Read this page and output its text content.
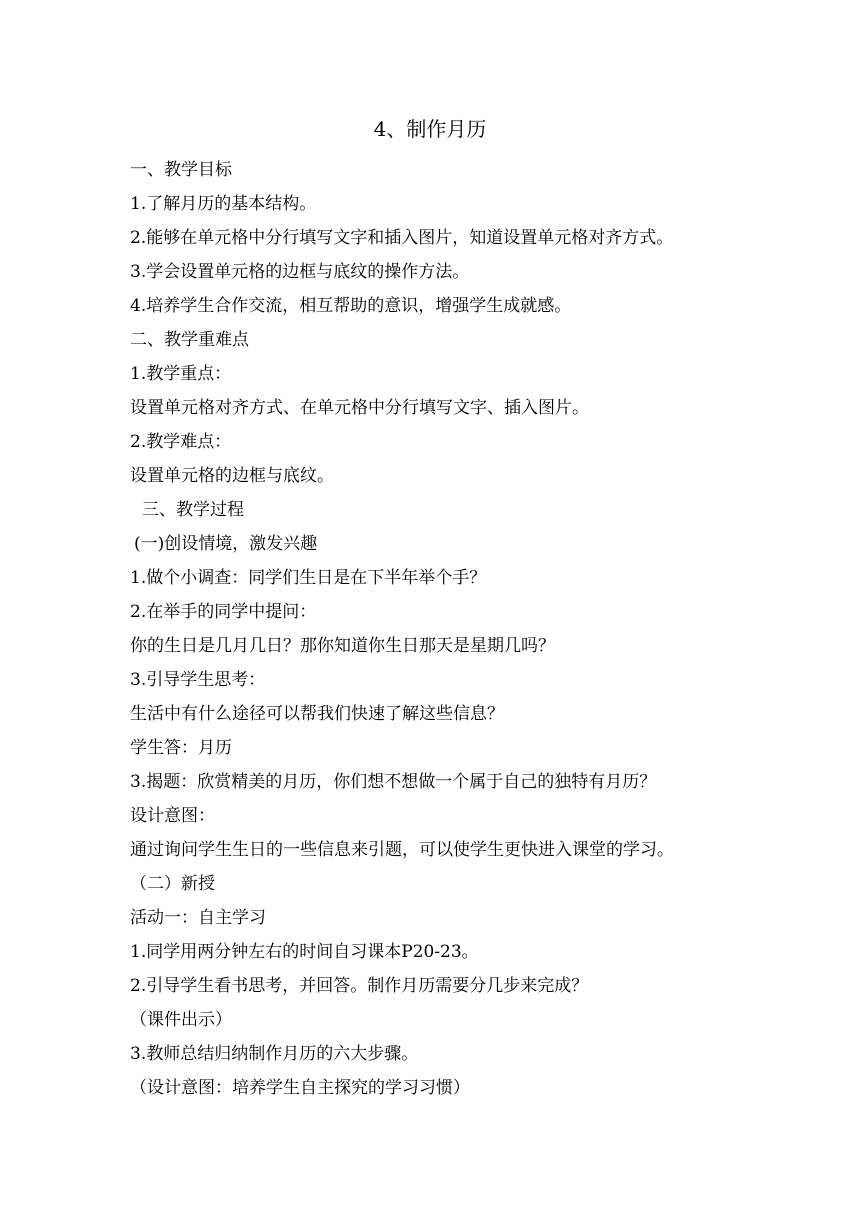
4、制作月历
一、教学目标
1.了解月历的基本结构。
2.能够在单元格中分行填写文字和插入图片，知道设置单元格对齐方式。
3.学会设置单元格的边框与底纹的操作方法。
4.培养学生合作交流，相互帮助的意识，增强学生成就感。
二、教学重难点
1.教学重点：
设置单元格对齐方式、在单元格中分行填写文字、插入图片。
2.教学难点：
设置单元格的边框与底纹。
三、教学过程
(一)创设情境，激发兴趣
1.做个小调查：同学们生日是在下半年举个手？
2.在举手的同学中提问：
你的生日是几月几日？那你知道你生日那天是星期几吗？
3.引导学生思考：
生活中有什么途径可以帮我们快速了解这些信息？
学生答：月历
3.揭题：欣赏精美的月历，你们想不想做一个属于自己的独特有月历？
设计意图：
通过询问学生生日的一些信息来引题，可以使学生更快进入课堂的学习。
（二）新授
活动一：自主学习
1.同学用两分钟左右的时间自习课本P20-23。
2.引导学生看书思考，并回答。制作月历需要分几步来完成？
（课件出示）
3.教师总结归纳制作月历的六大步骤。
（设计意图：培养学生自主探究的学习习惯）
